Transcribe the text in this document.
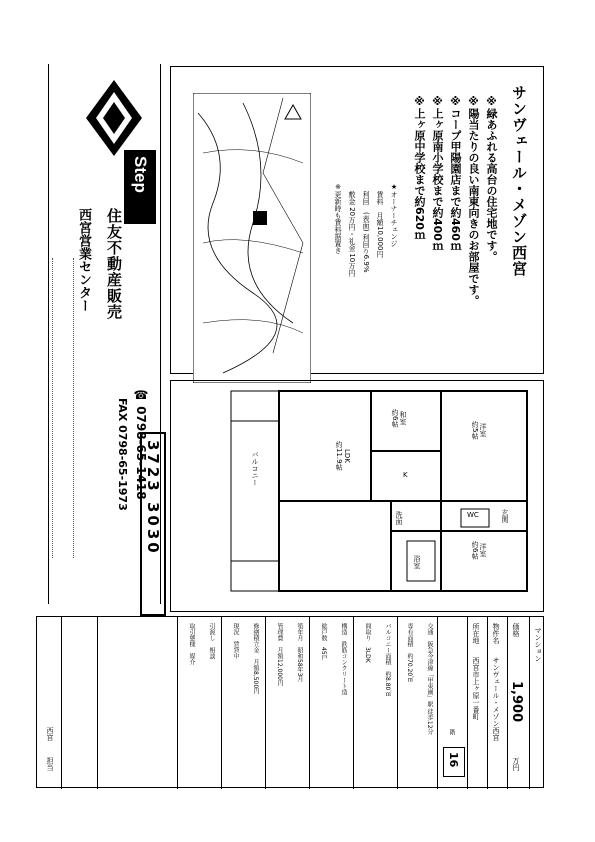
Step
住友不動産販売
西宮営業センター
☎ 0798-65-1418
FAX 0798-65-1973 3723 3030
サンヴェール・メゾン西宮
※緑あふれる高台の住宅地です。
※陽当たりの良い南東向きのお部屋です。
※コープ甲陽園店まで約460ｍ
※上ヶ原南小学校まで約400ｍ
※上ヶ原中学校まで約620ｍ
★オーナーチェンジ
賃料　月額10,000円
利回　(表面) 利回り6.9%
敷金 20万円・礼金 10万円
※更新時も賃料据置き
バルコニー	LDK
約11.9帖
和室
約6帖
K
洋室
約5帖
洋室
約6帖
浴室
洗面	WC	玄関
マンション
価格
1,900
万円
物件名
サンヴェール・メゾン西宮
所在地
西宮市上ヶ原一番町
16
階
交通　阪急今津線「甲東園」駅 徒歩12分
専有面積　約70.20㎡
バルコニー面積　約8.80㎡
間取り　3LDK
構造　鉄筋コンクリート造
総戸数　45戸
築年月　昭和58年3月
管理費　月額12,000円
修繕積立金　月額8,500円
現況　賃貸中
引渡し　相談
取引態様　媒介
西宮
担当
